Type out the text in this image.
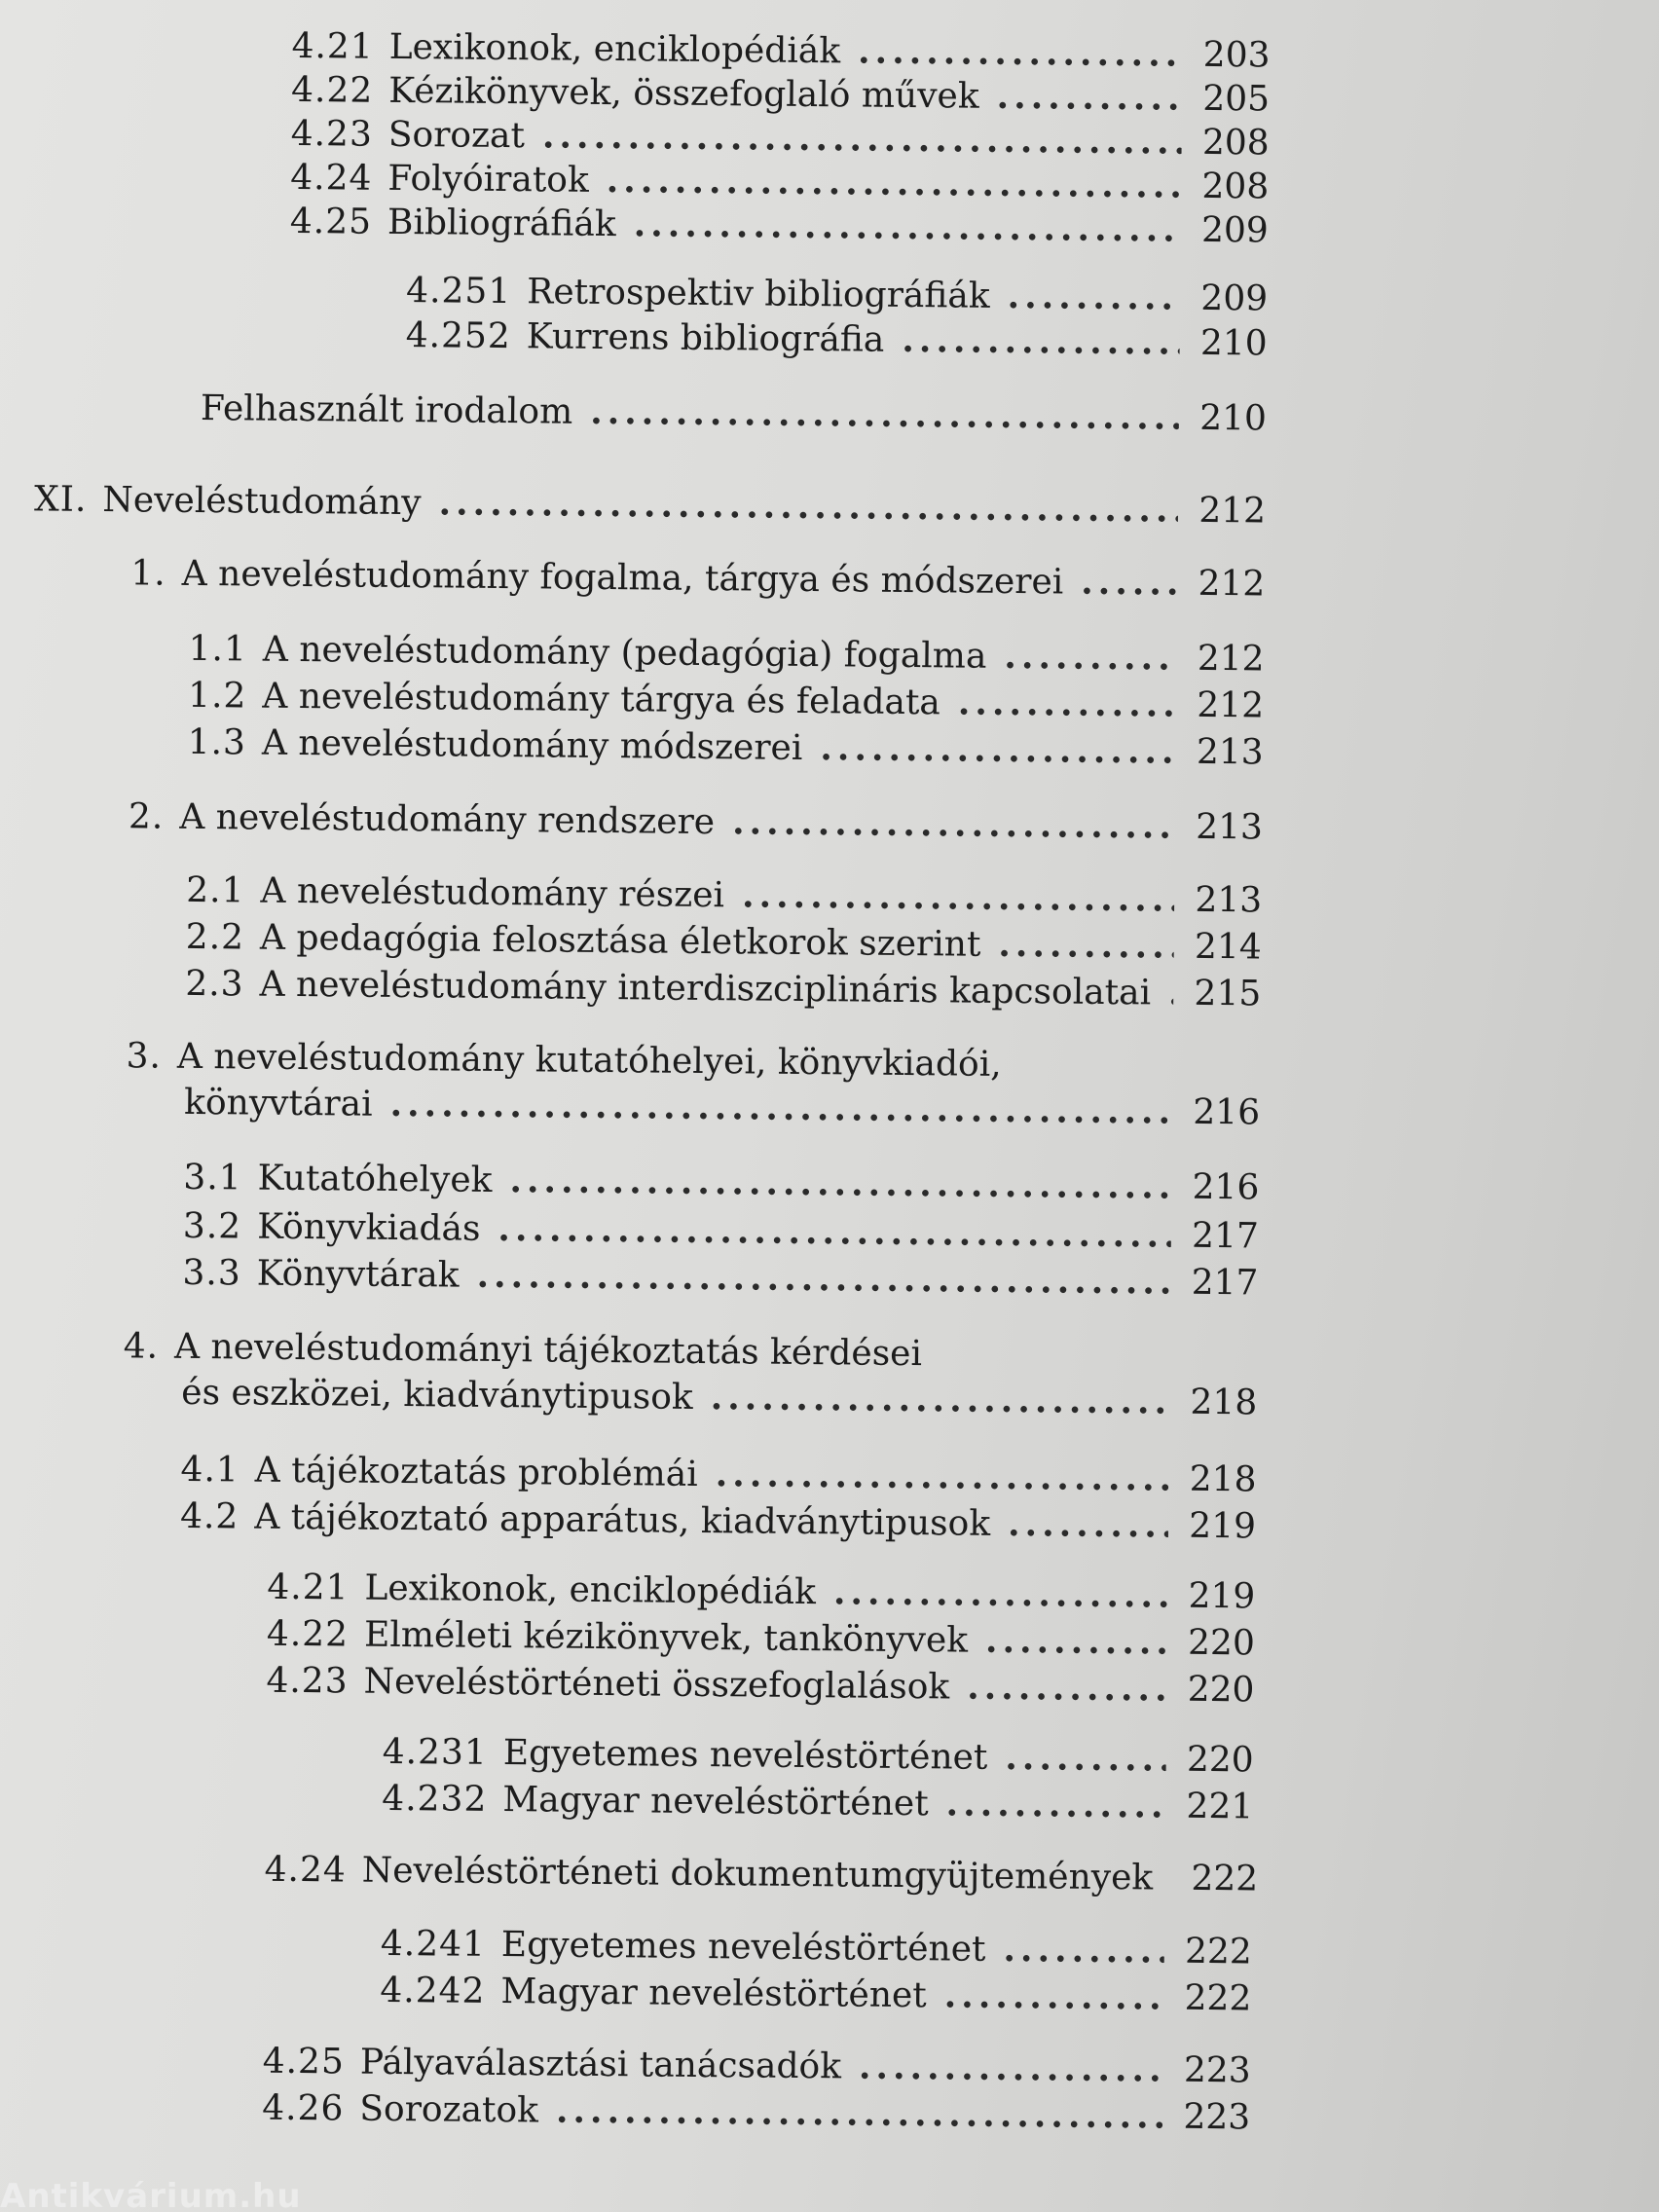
4.21 Lexikonok, enciklopédiák .....	203
4.22 Kézikönyvek, összefoglaló művek .....	205
4.23 Sorozat .....	208
4.24 Folyóiratok .....	208
4.25 Bibliográfiák .....	209
4.251 Retrospektiv bibliográfiák .....	209
4.252 Kurrens bibliográfia .....	210
Felhasznált irodalom .....	210
XI. Neveléstudomány .....	212
1. A neveléstudomány fogalma, tárgya és módszerei .....	212
1.1 A neveléstudomány (pedagógia) fogalma .....	212
1.2 A neveléstudomány tárgya és feladata .....	212
1.3 A neveléstudomány módszerei .....	213
2. A neveléstudomány rendszere .....	213
2.1 A neveléstudomány részei .....	213
2.2 A pedagógia felosztása életkorok szerint .....	214
2.3 A neveléstudomány interdiszciplináris kapcsolatai .....	215
3. A neveléstudomány kutatóhelyei, könyvkiadói,
könyvtárai .....	216
3.1 Kutatóhelyek .....	216
3.2 Könyvkiadás .....	217
3.3 Könyvtárak .....	217
4. A neveléstudományi tájékoztatás kérdései
és eszközei, kiadványtipusok .....	218
4.1 A tájékoztatás problémái .....	218
4.2 A tájékoztató apparátus, kiadványtipusok .....	219
4.21 Lexikonok, enciklopédiák .....	219
4.22 Elméleti kézikönyvek, tankönyvek .....	220
4.23 Neveléstörténeti összefoglalások .....	220
4.231 Egyetemes neveléstörténet .....	220
4.232 Magyar neveléstörténet .....	221
4.24 Neveléstörténeti dokumentumgyüjtemények .....	222
4.241 Egyetemes neveléstörténet .....	222
4.242 Magyar neveléstörténet .....	222
4.25 Pályaválasztási tanácsadók .....	223
4.26 Sorozatok .....	223
Antikvárium.hu
